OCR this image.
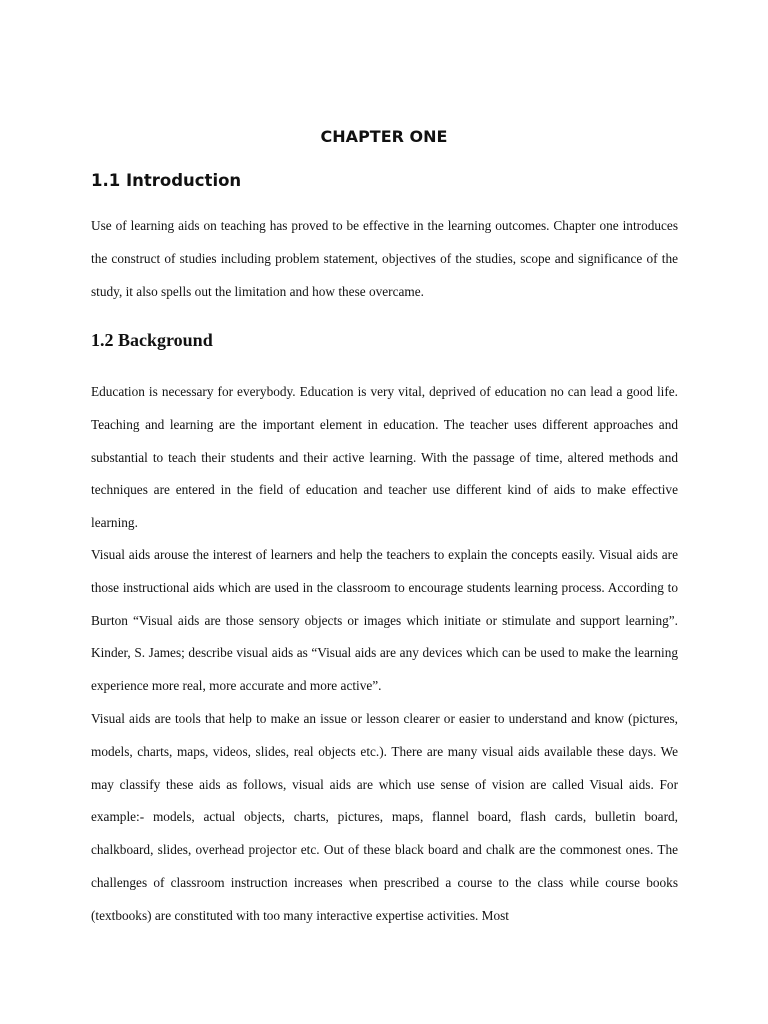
CHAPTER ONE
1.1 Introduction

Use of learning aids on teaching has proved to be effective in the learning outcomes. Chapter one introduces the construct of studies including problem statement, objectives of the studies, scope and significance of the study, it also spells out the limitation and how these overcame.

1.2 Background

Education is necessary for everybody. Education is very vital, deprived of education no can lead a good life. Teaching and learning are the important element in education. The teacher uses different approaches and substantial to teach their students and their active learning. With the passage of time, altered methods and techniques are entered in the field of education and teacher use different kind of aids to make effective learning.

Visual aids arouse the interest of learners and help the teachers to explain the concepts easily. Visual aids are those instructional aids which are used in the classroom to encourage students learning process. According to Burton “Visual aids are those sensory objects or images which initiate or stimulate and support learning”. Kinder, S. James; describe visual aids as “Visual aids are any devices which can be used to make the learning experience more real, more accurate and more active”.

Visual aids are tools that help to make an issue or lesson clearer or easier to understand and know (pictures, models, charts, maps, videos, slides, real objects etc.). There are many visual aids available these days. We may classify these aids as follows, visual aids are which use sense of vision are called Visual aids. For example:- models, actual objects, charts, pictures, maps, flannel board, flash cards, bulletin board, chalkboard, slides, overhead projector etc. Out of these black board and chalk are the commonest ones. The challenges of classroom instruction increases when prescribed a course to the class while course books (textbooks) are constituted with too many interactive expertise activities. Most
